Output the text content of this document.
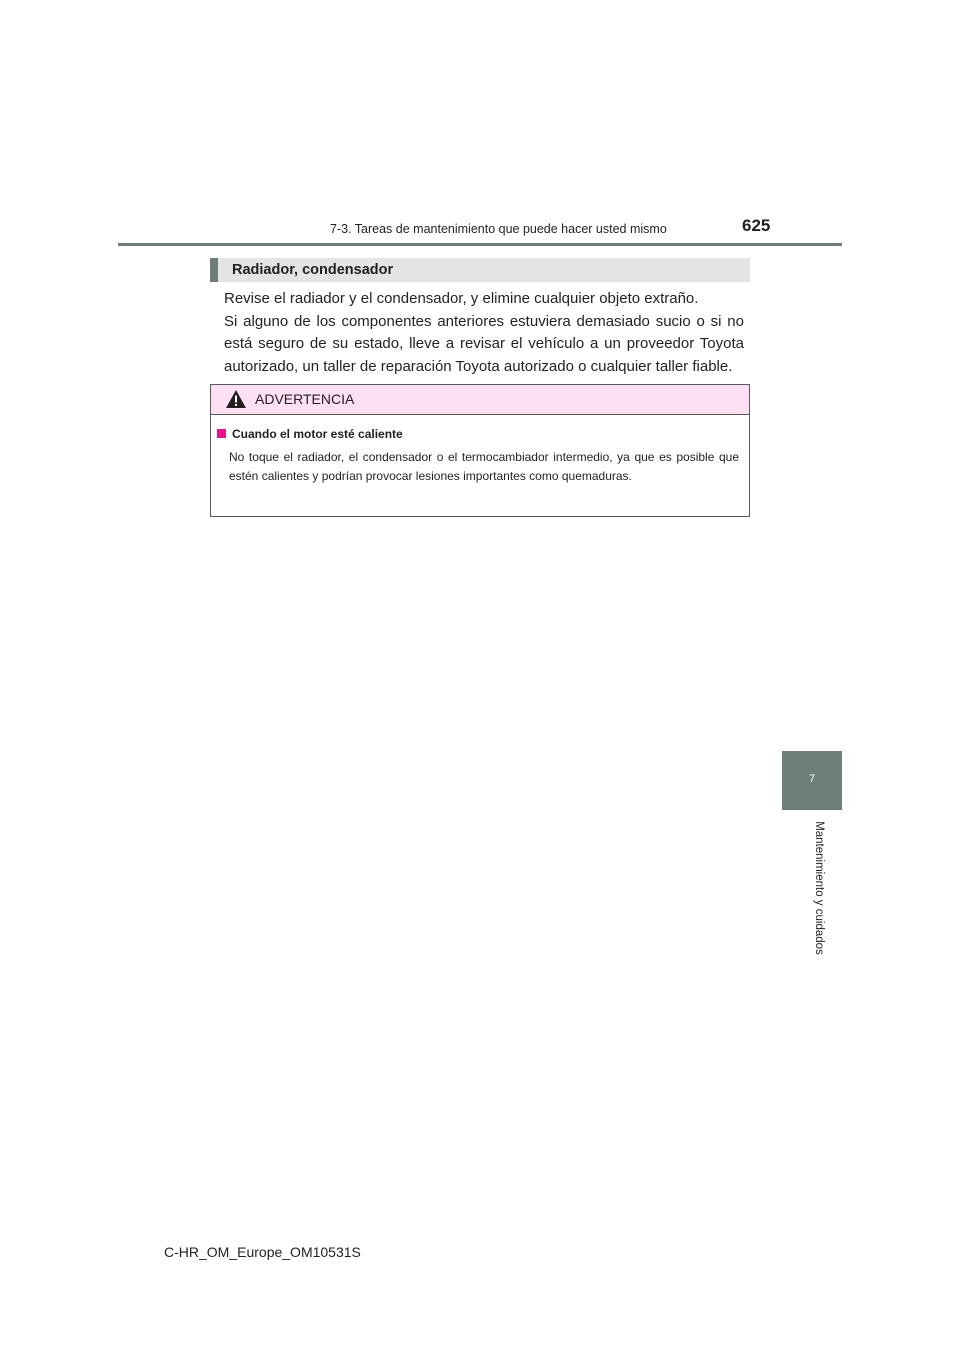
7-3. Tareas de mantenimiento que puede hacer usted mismo	625
Radiador, condensador

Revise el radiador y el condensador, y elimine cualquier objeto extraño.

Si alguno de los componentes anteriores estuviera demasiado sucio o si no está seguro de su estado, lleve a revisar el vehículo a un proveedor Toyota autorizado, un taller de reparación Toyota autorizado o cualquier taller fiable.

ADVERTENCIA
Cuando el motor esté caliente
No toque el radiador, el condensador o el termocambiador intermedio, ya que es posible que estén calientes y podrían provocar lesiones importantes como quemaduras.
7
Mantenimiento y cuidados
C-HR_OM_Europe_OM10531S
